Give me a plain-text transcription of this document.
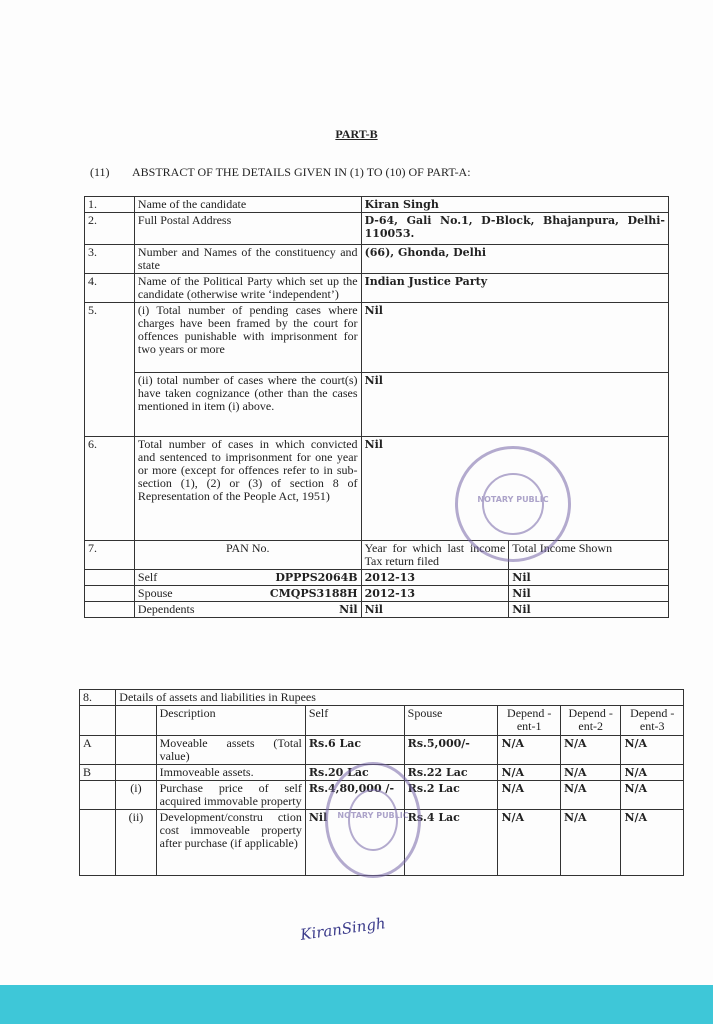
PART-B
(11) ABSTRACT OF THE DETAILS GIVEN IN (1) TO (10) OF PART-A:
1.	Name of the candidate	Kiran Singh	
2.	Full Postal Address	D-64, Gali No.1, D-Block, Bhajanpura, Delhi-110053.	
3.	Number and Names of the constituency and state	(66), Ghonda, Delhi	
4.	Name of the Political Party which set up the candidate (otherwise write ‘independent’)	Indian Justice Party	
5.	(i) Total number of pending cases where charges have been framed by the court for offences punishable with imprisonment for two years or more	Nil	
	(ii) total number of cases where the court(s) have taken cognizance (other than the cases mentioned in item (i) above.	Nil	
6.	Total number of cases in which convicted and sentenced to imprisonment for one year or more (except for offences refer to in sub-section (1), (2) or (3) of section 8 of Representation of the People Act, 1951)	Nil	
7.	PAN No.	Year for which last income Tax return filed	Total Income Shown
	Self DPPPS2064B	2012-13	Nil
	Spouse CMQPS3188H	2012-13	Nil
	Dependents Nil	Nil	Nil
8.	Details of assets and liabilities in Rupees						
		Description	Self	Spouse	Depend -ent-1	Depend -ent-2	Depend -ent-3
A		Moveable assets (Total value)	Rs.6 Lac	Rs.5,000/-	N/A	N/A	N/A
B		Immoveable assets.	Rs.20 Lac	Rs.22 Lac	N/A	N/A	N/A
	(i)	Purchase price of self acquired immovable property	Rs.4,80,000 /-	Rs.2 Lac	N/A	N/A	N/A
	(ii)	Development/constru ction cost immoveable property after purchase (if applicable)	Nil	Rs.4 Lac	N/A	N/A	N/A
NOTARY PUBLIC
NOTARY PUBLIC
KiranSingh
